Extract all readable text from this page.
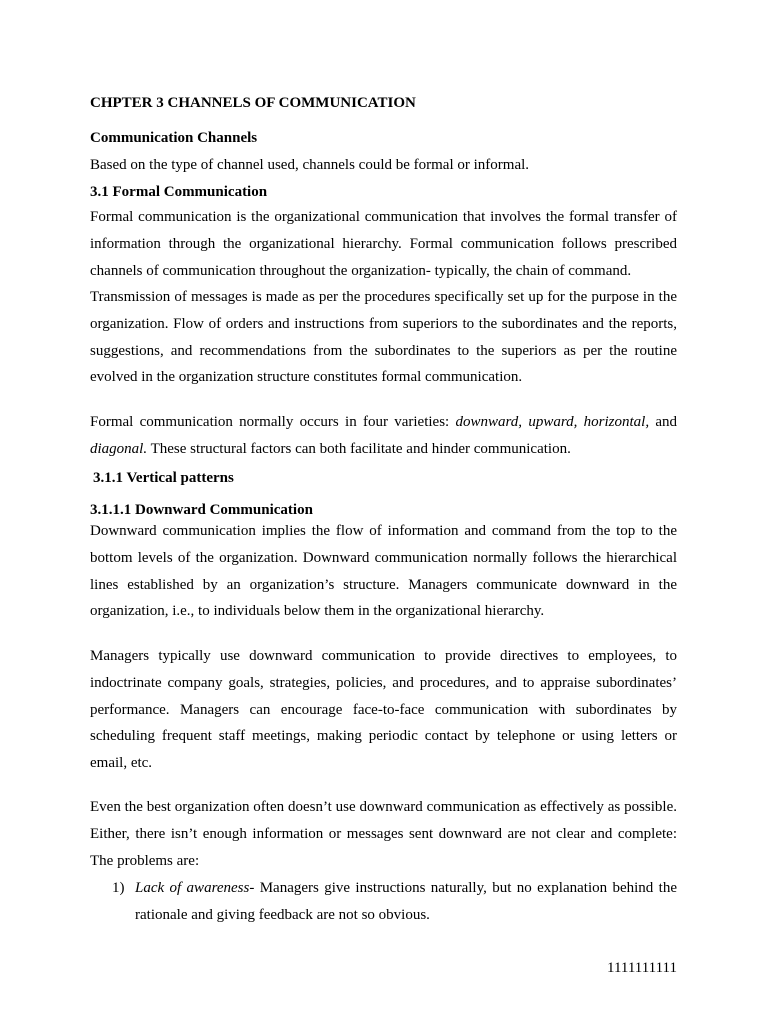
CHPTER 3 CHANNELS OF COMMUNICATION

Communication Channels

Based on the type of channel used, channels could be formal or informal.

3.1 Formal Communication

Formal communication is the organizational communication that involves the formal transfer of information through the organizational hierarchy. Formal communication follows prescribed channels of communication throughout the organization- typically, the chain of command.

Transmission of messages is made as per the procedures specifically set up for the purpose in the organization. Flow of orders and instructions from superiors to the subordinates and the reports, suggestions, and recommendations from the subordinates to the superiors as per the routine evolved in the organization structure constitutes formal communication.

Formal communication normally occurs in four varieties: downward, upward, horizontal, and diagonal. These structural factors can both facilitate and hinder communication.

3.1.1 Vertical patterns

3.1.1.1 Downward Communication

Downward communication implies the flow of information and command from the top to the bottom levels of the organization. Downward communication normally follows the hierarchical lines established by an organization’s structure. Managers communicate downward in the organization, i.e., to individuals below them in the organizational hierarchy.

Managers typically use downward communication to provide directives to employees, to indoctrinate company goals, strategies, policies, and procedures, and to appraise subordinates’ performance. Managers can encourage face-to-face communication with subordinates by scheduling frequent staff meetings, making periodic contact by telephone or using letters or email, etc.

Even the best organization often doesn’t use downward communication as effectively as possible. Either, there isn’t enough information or messages sent downward are not clear and complete: The problems are:

1) Lack of awareness- Managers give instructions naturally, but no explanation behind the rationale and giving feedback are not so obvious.

1111111111
